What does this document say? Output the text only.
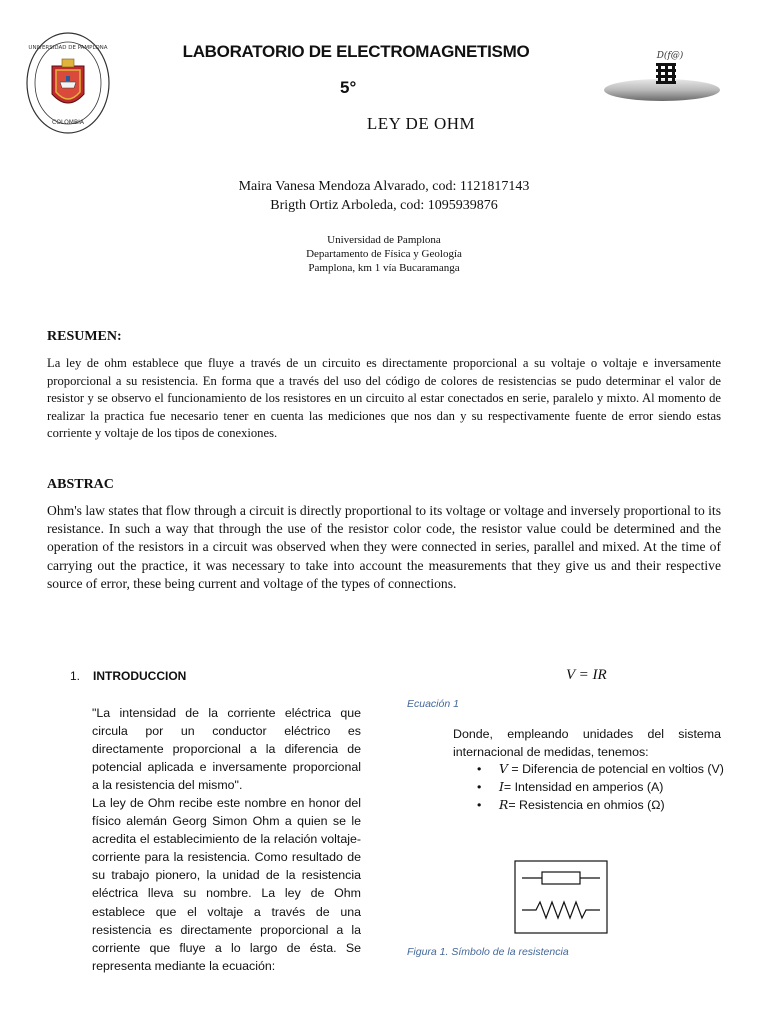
UNIVERSIDAD DE PAMPLONA
COLOMBIA
D(f@)
LABORATORIO DE ELECTROMAGNETISMO
5°
LEY DE OHM
Maira Vanesa Mendoza Alvarado, cod: 1121817143
Brigth Ortiz Arboleda, cod: 1095939876
Universidad de Pamplona
Departamento de Física y Geología
Pamplona, km 1 vía Bucaramanga
RESUMEN:
La ley de ohm establece que fluye a través de un circuito es directamente proporcional a su voltaje o voltaje e inversamente proporcional a su resistencia. En forma que a través del uso del código de colores de resistencias se pudo determinar el valor de resistor y se observo el funcionamiento de los resistores en un circuito al estar conectados en serie, paralelo y mixto. Al momento de realizar la practica fue necesario tener en cuenta las mediciones que nos dan y su respectivamente fuente de error siendo estas corriente y voltaje de los tipos de conexiones.
ABSTRAC
Ohm's law states that flow through a circuit is directly proportional to its voltage or voltage and inversely proportional to its resistance. In such a way that through the use of the resistor color code, the resistor value could be determined and the operation of the resistors in a circuit was observed when they were connected in series, parallel and mixed. At the time of carrying out the practice, it was necessary to take into account the measurements that they give us and their respective source of error, these being current and voltage of the types of connections.
1. INTRODUCCION
"La intensidad de la corriente eléctrica que circula por un conductor eléctrico es directamente proporcional a la diferencia de potencial aplicada e inversamente proporcional a la resistencia del mismo".
La ley de Ohm recibe este nombre en honor del físico alemán Georg Simon Ohm a quien se le acredita el establecimiento de la relación voltaje-corriente para la resistencia. Como resultado de su trabajo pionero, la unidad de la resistencia eléctrica lleva su nombre. La ley de Ohm establece que el voltaje a través de una resistencia es directamente proporcional a la corriente que fluye a lo largo de ésta. Se representa mediante la ecuación:
V = IR
Ecuación 1
Donde, empleando unidades del sistema internacional de medidas, tenemos:
• V = Diferencia de potencial en voltios (V)
• I= Intensidad en amperios (A)
• R= Resistencia en ohmios (Ω)
Figura 1. Símbolo de la resistencia
